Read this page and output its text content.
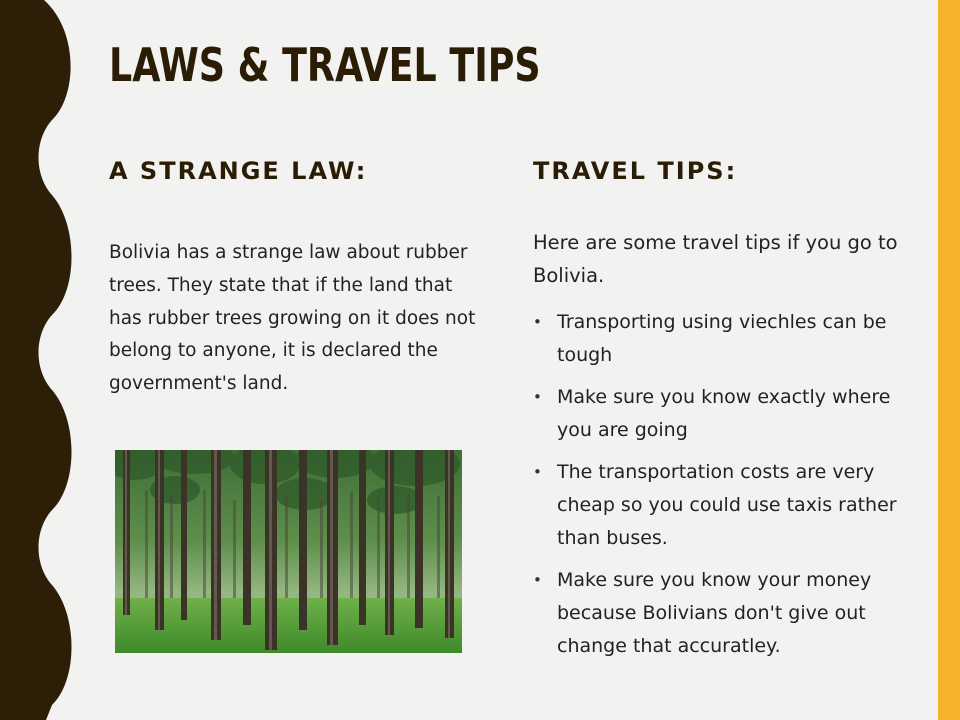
LAWS & TRAVEL TIPS
A STRANGE LAW:	TRAVEL TIPS:

Bolivia has a strange law about rubber trees. They state that if the land that has rubber trees growing on it does not belong to anyone, it is declared the government's land.

Here are some travel tips if you go to Bolivia.

• Transporting using viechles can be tough
• Make sure you know exactly where you are going
• The transportation costs are very cheap so you could use taxis rather than buses.
• Make sure you know your money because Bolivians don't give out change that accuratley.
